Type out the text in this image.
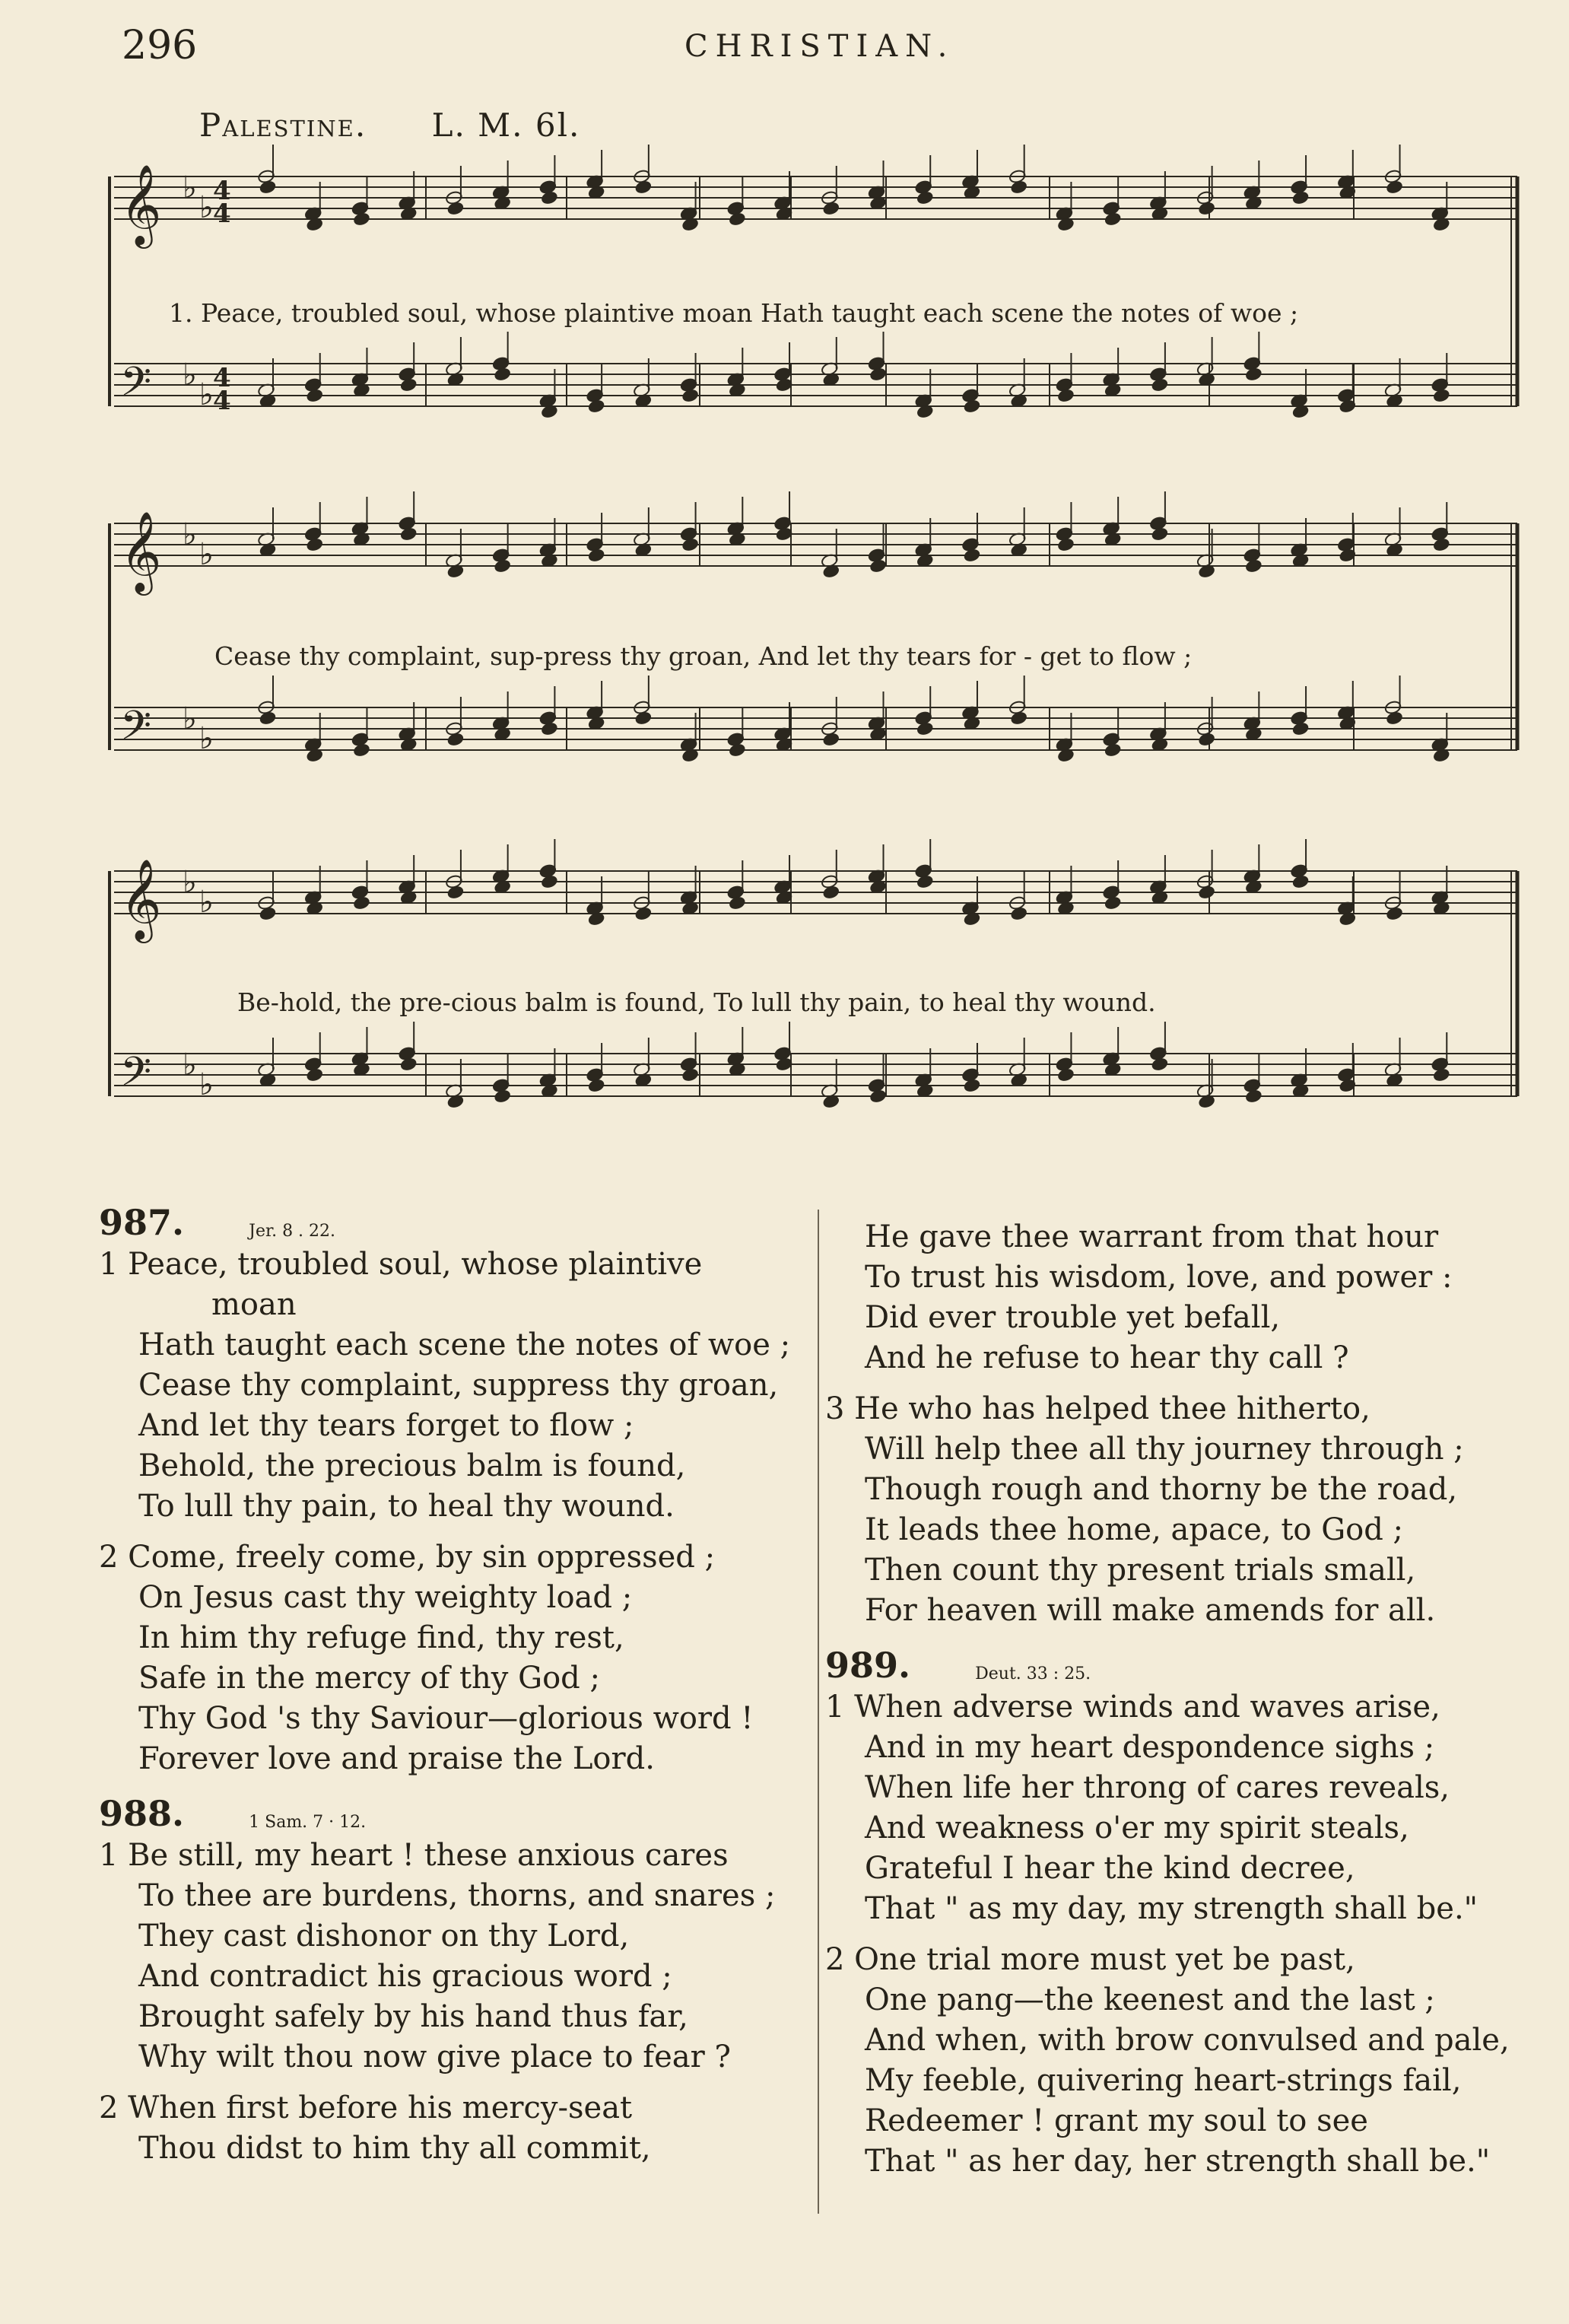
296	CHRISTIAN.
Palestine. L. M. 6l.
𝄞 ♭
♭
𝄢 ♭
♭
𝄞 ♭
♭
𝄢 ♭
♭
𝄞 ♭
♭
𝄢 ♭
♭
4
4
4
4
1. Peace, troubled soul, whose plaintive moan Hath taught each scene the notes of woe ;
Cease thy complaint, sup-press thy groan, And let thy tears for - get to flow ;
Be-hold, the pre-cious balm is found, To lull thy pain, to heal thy wound.
987.	Jer. 8 . 22.
1 Peace, troubled soul, whose plaintive
moan
Hath taught each scene the notes of woe ;
Cease thy complaint, suppress thy groan,
And let thy tears forget to flow ;
Behold, the precious balm is found,
To lull thy pain, to heal thy wound.
2 Come, freely come, by sin oppressed ;
On Jesus cast thy weighty load ;
In him thy refuge find, thy rest,
Safe in the mercy of thy God ;
Thy God 's thy Saviour—glorious word !
Forever love and praise the Lord.
988.	1 Sam. 7 · 12.
1 Be still, my heart ! these anxious cares
To thee are burdens, thorns, and snares ;
They cast dishonor on thy Lord,
And contradict his gracious word ;
Brought safely by his hand thus far,
Why wilt thou now give place to fear ?
2 When first before his mercy-seat
Thou didst to him thy all commit,
He gave thee warrant from that hour
To trust his wisdom, love, and power :
Did ever trouble yet befall,
And he refuse to hear thy call ?
3 He who has helped thee hitherto,
Will help thee all thy journey through ;
Though rough and thorny be the road,
It leads thee home, apace, to God ;
Then count thy present trials small,
For heaven will make amends for all.
989.	Deut. 33 : 25.
1 When adverse winds and waves arise,
And in my heart despondence sighs ;
When life her throng of cares reveals,
And weakness o'er my spirit steals,
Grateful I hear the kind decree,
That " as my day, my strength shall be."
2 One trial more must yet be past,
One pang—the keenest and the last ;
And when, with brow convulsed and pale,
My feeble, quivering heart-strings fail,
Redeemer ! grant my soul to see
That " as her day, her strength shall be."
